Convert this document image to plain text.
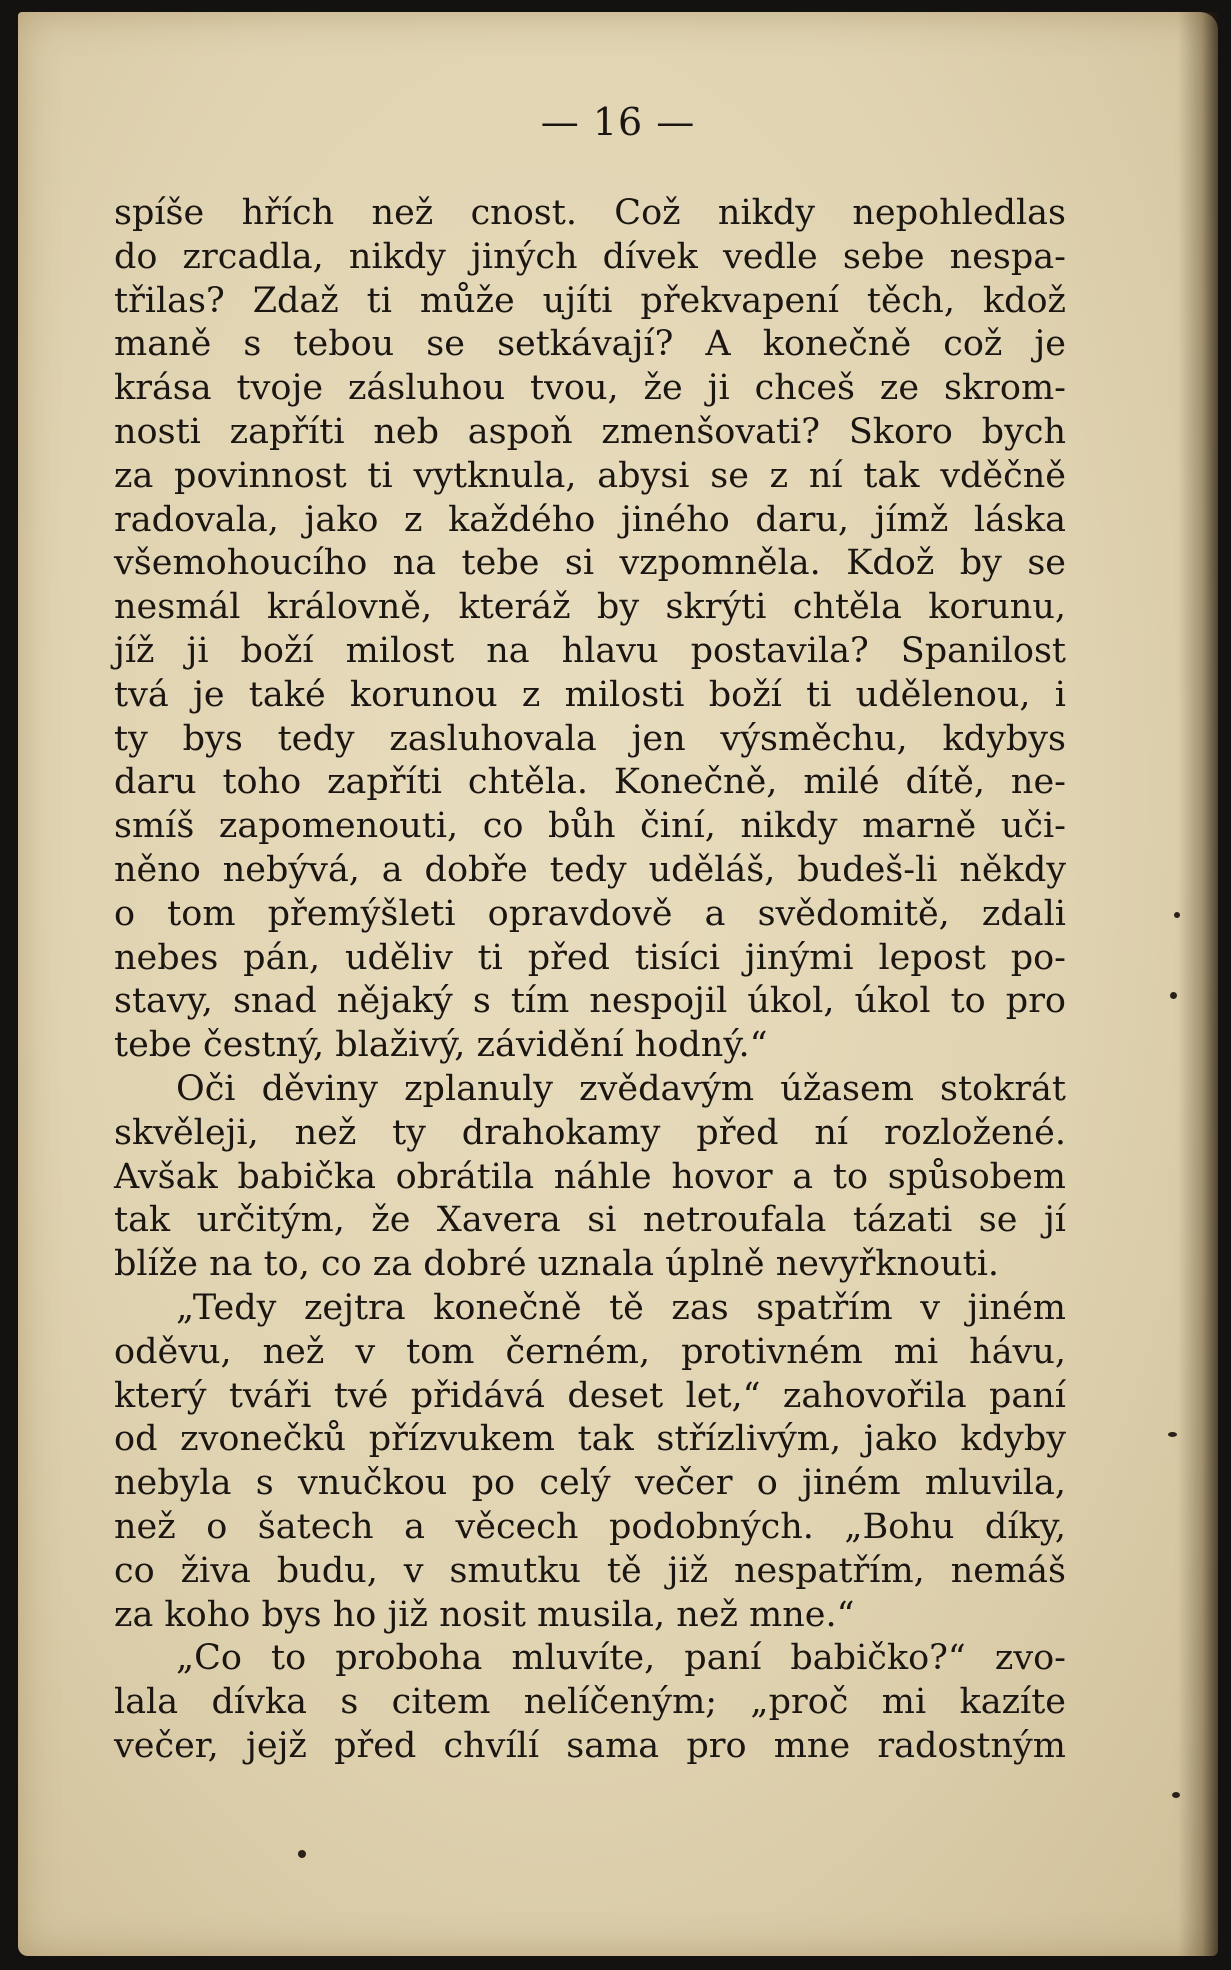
— 16 —
spíše hřích než cnost. Což nikdy nepohledlas
do zrcadla, nikdy jiných dívek vedle sebe nespa-
třilas? Zdaž ti může ujíti překvapení těch, kdož
maně s tebou se setkávají? A konečně což je
krása tvoje zásluhou tvou, že ji chceš ze skrom-
nosti zapříti neb aspoň zmenšovati? Skoro bych
za povinnost ti vytknula, abysi se z ní tak vděčně
radovala, jako z každého jiného daru, jímž láska
všemohoucího na tebe si vzpomněla. Kdož by se
nesmál královně, kteráž by skrýti chtěla korunu,
jíž ji boží milost na hlavu postavila? Spanilost
tvá je také korunou z milosti boží ti udělenou, i
ty bys tedy zasluhovala jen výsměchu, kdybys
daru toho zapříti chtěla. Konečně, milé dítě, ne-
smíš zapomenouti, co bůh činí, nikdy marně uči-
něno nebývá, a dobře tedy uděláš, budeš-li někdy
o tom přemýšleti opravdově a svědomitě, zdali
nebes pán, uděliv ti před tisíci jinými lepost po-
stavy, snad nějaký s tím nespojil úkol, úkol to pro
tebe čestný, blaživý, závidění hodný.“
Oči děviny zplanuly zvědavým úžasem stokrát
skvěleji, než ty drahokamy před ní rozložené.
Avšak babička obrátila náhle hovor a to spůsobem
tak určitým, že Xavera si netroufala tázati se jí
blíže na to, co za dobré uznala úplně nevyřknouti.
„Tedy zejtra konečně tě zas spatřím v jiném
oděvu, než v tom černém, protivném mi hávu,
který tváři tvé přidává deset let,“ zahovořila paní
od zvonečků přízvukem tak střízlivým, jako kdyby
nebyla s vnučkou po celý večer o jiném mluvila,
než o šatech a věcech podobných. „Bohu díky,
co živa budu, v smutku tě již nespatřím, nemáš
za koho bys ho již nosit musila, než mne.“
„Co to proboha mluvíte, paní babičko?“ zvo-
lala dívka s citem nelíčeným; „proč mi kazíte
večer, jejž před chvílí sama pro mne radostným
